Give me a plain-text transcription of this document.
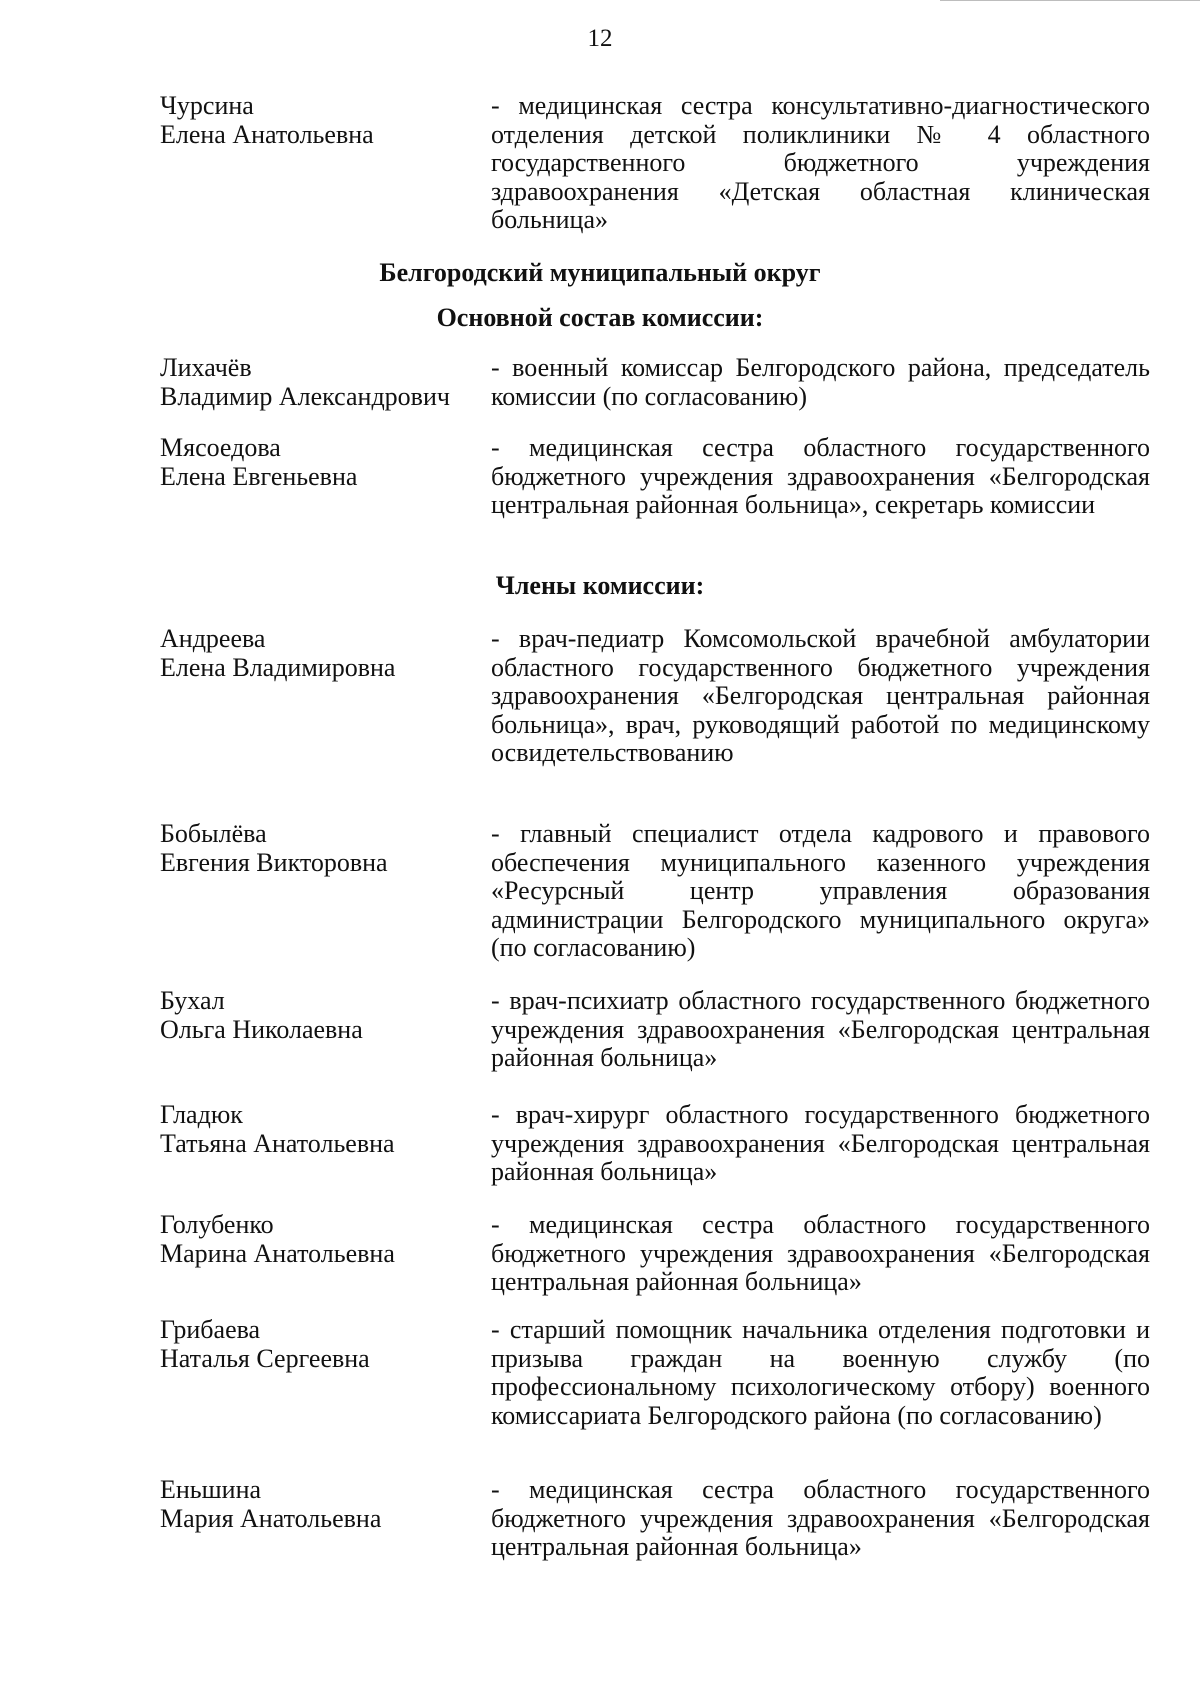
12
Чурсина
Елена Анатольевна
- медицинская сестра консультативно-диагностического отделения детской поликлиники № 4 областного государственного бюджетного учреждения здравоохранения «Детская областная клиническая больница»
Белгородский муниципальный округ
Основной состав комиссии:
Лихачёв
Владимир Александрович
- военный комиссар Белгородского района, председатель комиссии (по согласованию)
Мясоедова
Елена Евгеньевна
- медицинская сестра областного государственного бюджетного учреждения здравоохранения «Белгородская центральная районная больница», секретарь комиссии
Члены комиссии:
Андреева
Елена Владимировна
- врач-педиатр Комсомольской врачебной амбулатории областного государственного бюджетного учреждения здравоохранения «Белгородская центральная районная больница», врач, руководящий работой по медицинскому освидетельствованию
Бобылёва
Евгения Викторовна
- главный специалист отдела кадрового и правового обеспечения муниципального казенного учреждения «Ресурсный центр управления образования администрации Белгородского муниципального округа» (по согласованию)
Бухал
Ольга Николаевна
- врач-психиатр областного государственного бюджетного учреждения здравоохранения «Белгородская центральная районная больница»
Гладюк
Татьяна Анатольевна
- врач-хирург областного государственного бюджетного учреждения здравоохранения «Белгородская центральная районная больница»
Голубенко
Марина Анатольевна
- медицинская сестра областного государственного бюджетного учреждения здравоохранения «Белгородская центральная районная больница»
Грибаева
Наталья Сергеевна
- старший помощник начальника отделения подготовки и призыва граждан на военную службу (по профессиональному психологическому отбору) военного комиссариата Белгородского района (по согласованию)
Еньшина
Мария Анатольевна
- медицинская сестра областного государственного бюджетного учреждения здравоохранения «Белгородская центральная районная больница»
